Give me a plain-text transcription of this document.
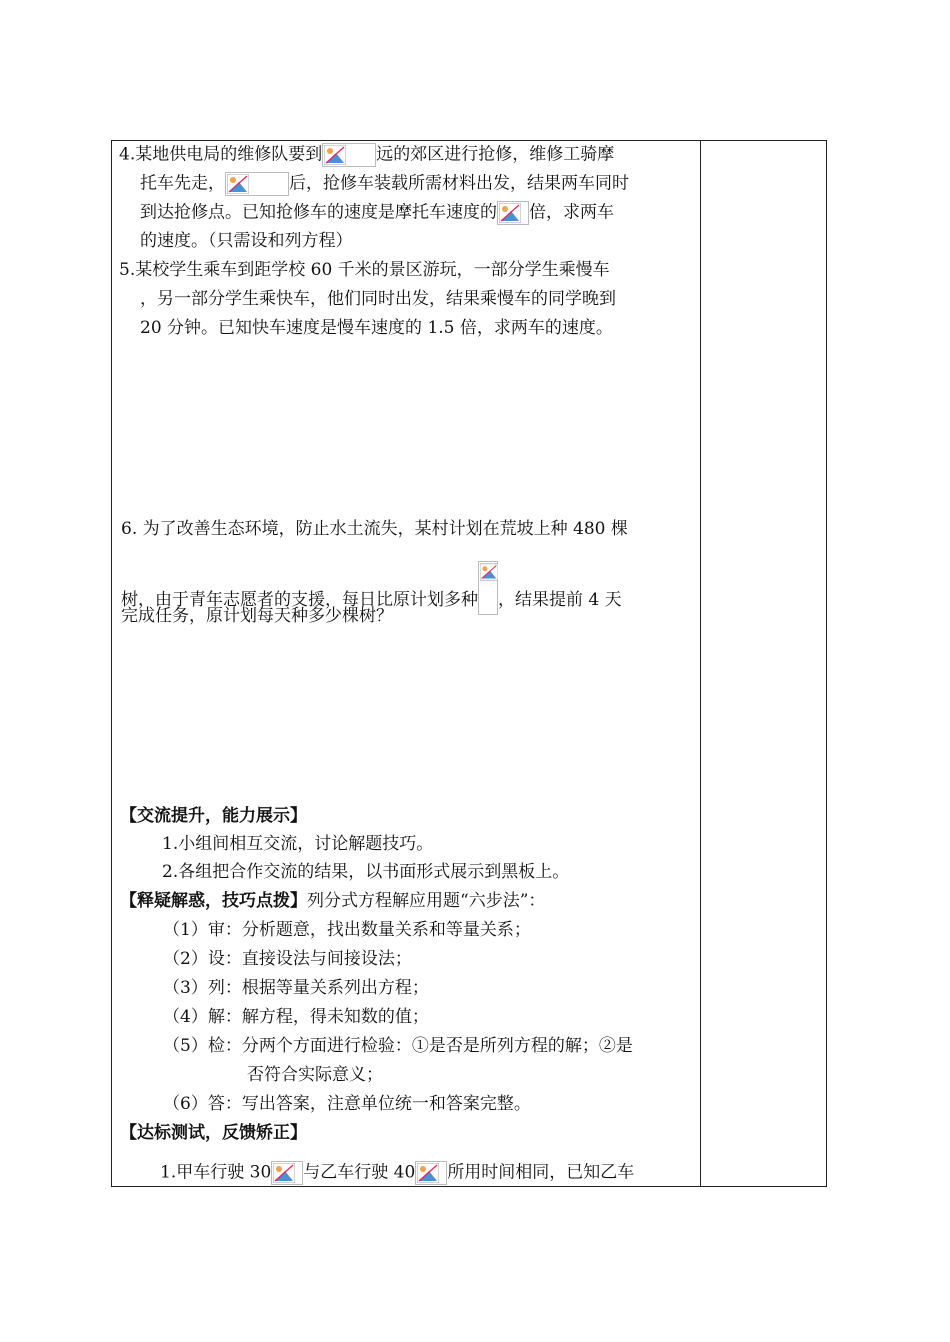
4.某地供电局的维修队要到	远的郊区进行抢修，维修工骑摩
托车先走，	后，抢修车装载所需材料出发，结果两车同时
到达抢修点。已知抢修车的速度是摩托车速度的 倍，求两车
的速度。（只需设和列方程）
5.某校学生乘车到距学校 60 千米的景区游玩，一部分学生乘慢车
，另一部分学生乘快车，他们同时出发，结果乘慢车的同学晚到
20 分钟。已知快车速度是慢车速度的 1.5 倍，求两车的速度。
6. 为了改善生态环境，防止水土流失，某村计划在荒坡上种 480 棵
树，由于青年志愿者的支援，每日比原计划多种 ，结果提前 4 天
完成任务，原计划每天种多少棵树？
【交流提升，能力展示】
1.小组间相互交流，讨论解题技巧。
2.各组把合作交流的结果，以书面形式展示到黑板上。
【释疑解惑，技巧点拨】列分式方程解应用题“六步法”：
（1）审：分析题意，找出数量关系和等量关系；
（2）设：直接设法与间接设法；
（3）列：根据等量关系列出方程；
（4）解：解方程，得未知数的值；
（5）检：分两个方面进行检验：①是否是所列方程的解；②是
否符合实际意义；
（6）答：写出答案，注意单位统一和答案完整。
【达标测试，反馈矫正】
1.甲车行驶 30 与乙车行驶 40 所用时间相同，已知乙车
